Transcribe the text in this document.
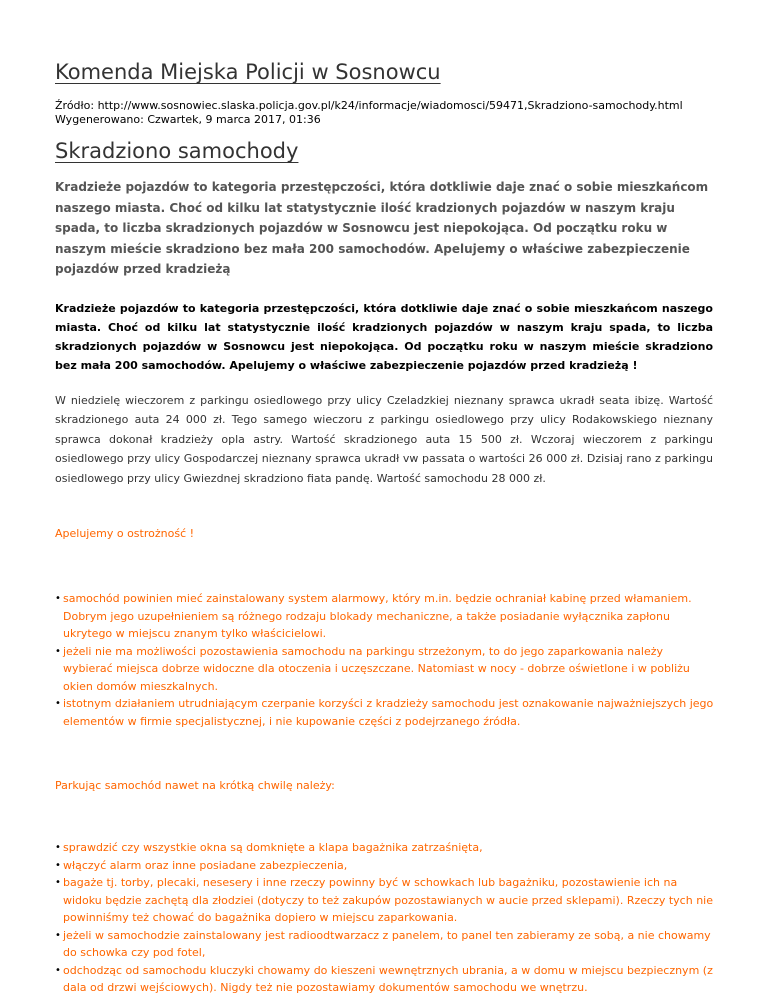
Komenda Miejska Policji w Sosnowcu
Źródło: http://www.sosnowiec.slaska.policja.gov.pl/k24/informacje/wiadomosci/59471,Skradziono-samochody.html
Wygenerowano: Czwartek, 9 marca 2017, 01:36
Skradziono samochody

Kradzieże pojazdów to kategoria przestępczości, która dotkliwie daje znać o sobie mieszkańcom naszego miasta. Choć od kilku lat statystycznie ilość kradzionych pojazdów w naszym kraju spada, to liczba skradzionych pojazdów w Sosnowcu jest niepokojąca. Od początku roku w naszym mieście skradziono bez mała 200 samochodów. Apelujemy o właściwe zabezpieczenie pojazdów przed kradzieżą

Kradzieże pojazdów to kategoria przestępczości, która dotkliwie daje znać o sobie mieszkańcom naszego miasta. Choć od kilku lat statystycznie ilość kradzionych pojazdów w naszym kraju spada, to liczba skradzionych pojazdów w Sosnowcu jest niepokojąca. Od początku roku w naszym mieście skradziono bez mała 200 samochodów. Apelujemy o właściwe zabezpieczenie pojazdów przed kradzieżą !

W niedzielę wieczorem z parkingu osiedlowego przy ulicy Czeladzkiej nieznany sprawca ukradł seata ibizę. Wartość skradzionego auta 24 000 zł. Tego samego wieczoru z parkingu osiedlowego przy ulicy Rodakowskiego nieznany sprawca dokonał kradzieży opla astry. Wartość skradzionego auta 15 500 zł. Wczoraj wieczorem z parkingu osiedlowego przy ulicy Gospodarczej nieznany sprawca ukradł vw passata o wartości 26 000 zł. Dzisiaj rano z parkingu osiedlowego przy ulicy Gwiezdnej skradziono fiata pandę. Wartość samochodu 28 000 zł.

Apelujemy o ostrożność !

• samochód powinien mieć zainstalowany system alarmowy, który m.in. będzie ochraniał kabinę przed włamaniem. Dobrym jego uzupełnieniem są różnego rodzaju blokady mechaniczne, a także posiadanie wyłącznika zapłonu ukrytego w miejscu znanym tylko właścicielowi.
• jeżeli nie ma możliwości pozostawienia samochodu na parkingu strzeżonym, to do jego zaparkowania należy wybierać miejsca dobrze widoczne dla otoczenia i uczęszczane. Natomiast w nocy - dobrze oświetlone i w pobliżu okien domów mieszkalnych.
• istotnym działaniem utrudniającym czerpanie korzyści z kradzieży samochodu jest oznakowanie najważniejszych jego elementów w firmie specjalistycznej, i nie kupowanie części z podejrzanego źródła.

Parkując samochód nawet na krótką chwilę należy:

• sprawdzić czy wszystkie okna są domknięte a klapa bagażnika zatrzaśnięta,
• włączyć alarm oraz inne posiadane zabezpieczenia,
• bagaże tj. torby, plecaki, nesesery i inne rzeczy powinny być w schowkach lub bagażniku, pozostawienie ich na widoku będzie zachętą dla złodziei (dotyczy to też zakupów pozostawianych w aucie przed sklepami). Rzeczy tych nie powinniśmy też chować do bagażnika dopiero w miejscu zaparkowania.
• jeżeli w samochodzie zainstalowany jest radioodtwarzacz z panelem, to panel ten zabieramy ze sobą, a nie chowamy do schowka czy pod fotel,
• odchodząc od samochodu kluczyki chowamy do kieszeni wewnętrznych ubrania, a w domu w miejscu bezpiecznym (z dala od drzwi wejściowych). Nigdy też nie pozostawiamy dokumentów samochodu we wnętrzu.
